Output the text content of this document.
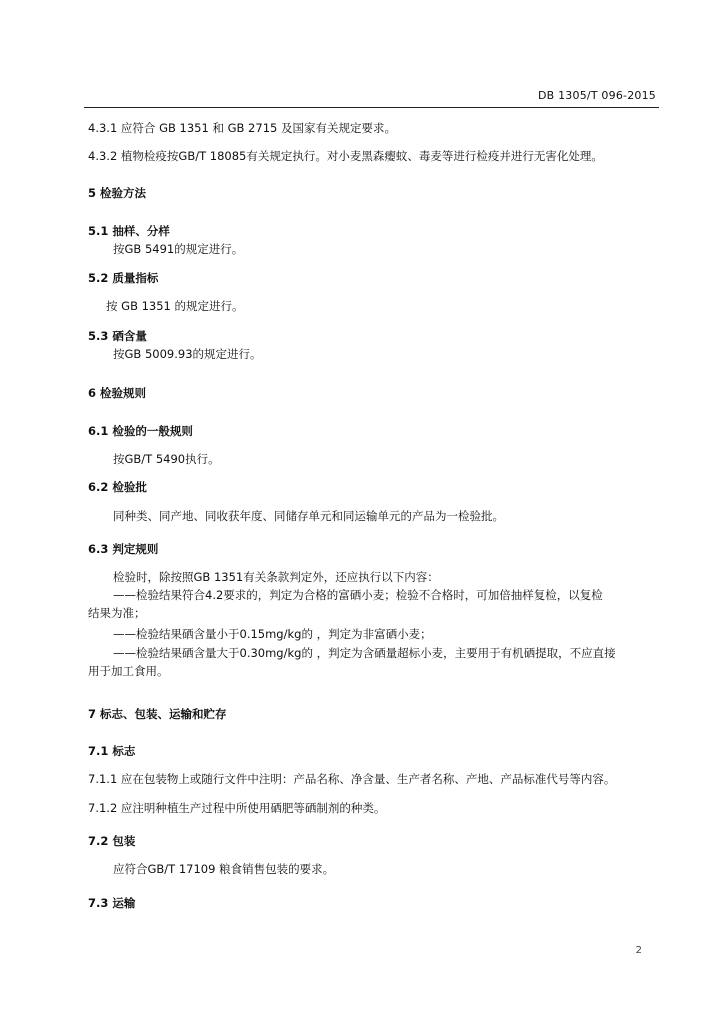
DB 1305/T 096-2015
4.3.1 应符合 GB 1351 和 GB 2715 及国家有关规定要求。
4.3.2 植物检疫按GB/T 18085有关规定执行。对小麦黑森瘿蚊、毒麦等进行检疫并进行无害化处理。
5 检验方法
5.1 抽样、分样
按GB 5491的规定进行。
5.2 质量指标
按 GB 1351 的规定进行。
5.3 硒含量
按GB 5009.93的规定进行。
6 检验规则
6.1 检验的一般规则
按GB/T 5490执行。
6.2 检验批
同种类、同产地、同收获年度、同储存单元和同运输单元的产品为一检验批。
6.3 判定规则
检验时，除按照GB 1351有关条款判定外，还应执行以下内容：
——检验结果符合4.2要求的，判定为合格的富硒小麦；检验不合格时，可加倍抽样复检，以复检
结果为准；
——检验结果硒含量小于0.15mg/kg的 ，判定为非富硒小麦；
——检验结果硒含量大于0.30mg/kg的 ，判定为含硒量超标小麦，主要用于有机硒提取，不应直接
用于加工食用。
7 标志、包装、运输和贮存
7.1 标志
7.1.1 应在包装物上或随行文件中注明：产品名称、净含量、生产者名称、产地、产品标准代号等内容。
7.1.2 应注明种植生产过程中所使用硒肥等硒制剂的种类。
7.2 包装
应符合GB/T 17109 粮食销售包装的要求。
7.3 运输
2
